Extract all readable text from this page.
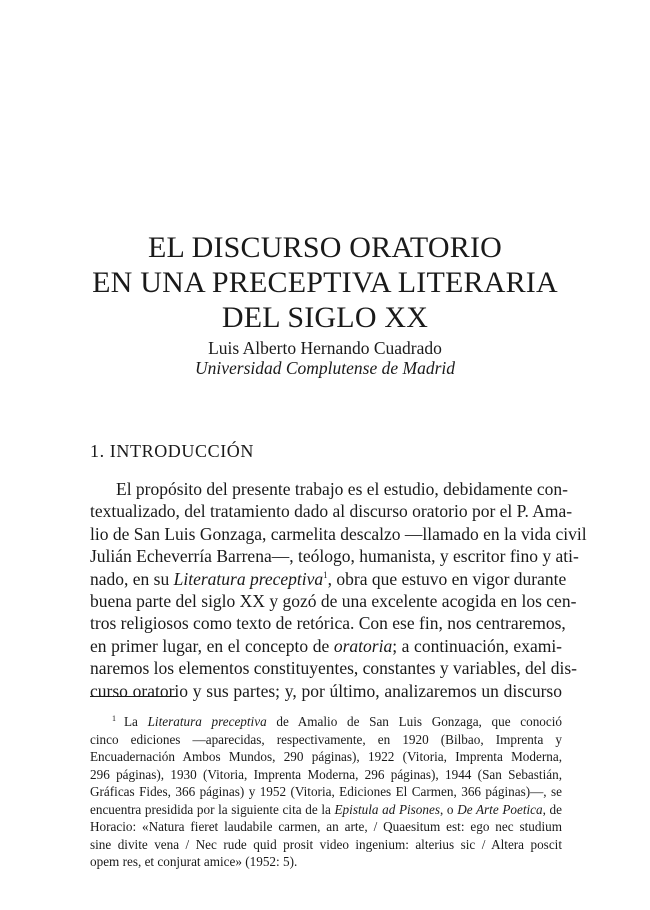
EL DISCURSO ORATORIO
EN UNA PRECEPTIVA LITERARIA
DEL SIGLO XX
Luis Alberto Hernando Cuadrado
Universidad Complutense de Madrid
1. INTRODUCCIÓN
El propósito del presente trabajo es el estudio, debidamente con-
textualizado, del tratamiento dado al discurso oratorio por el P. Ama-
lio de San Luis Gonzaga, carmelita descalzo —llamado en la vida civil
Julián Echeverría Barrena—, teólogo, humanista, y escritor fino y ati-
nado, en su Literatura preceptiva$^1$, obra que estuvo en vigor durante
buena parte del siglo XX y gozó de una excelente acogida en los cen-
tros religiosos como texto de retórica. Con ese fin, nos centraremos,
en primer lugar, en el concepto de oratoria; a continuación, exami-
naremos los elementos constituyentes, constantes y variables, del dis-
curso oratorio y sus partes; y, por último, analizaremos un discurso
$^1$ La Literatura preceptiva de Amalio de San Luis Gonzaga, que conoció
cinco ediciones —aparecidas, respectivamente, en 1920 (Bilbao, Imprenta y
Encuadernación Ambos Mundos, 290 páginas), 1922 (Vitoria, Imprenta Moderna,
296 páginas), 1930 (Vitoria, Imprenta Moderna, 296 páginas), 1944 (San Sebastián,
Gráficas Fides, 366 páginas) y 1952 (Vitoria, Ediciones El Carmen, 366 páginas)—, se
encuentra presidida por la siguiente cita de la Epistula ad Pisones, o De Arte Poetica, de
Horacio: «Natura fieret laudabile carmen, an arte, / Quaesitum est: ego nec studium
sine divite vena / Nec rude quid prosit video ingenium: alterius sic / Altera poscit
opem res, et conjurat amice» (1952: 5).
